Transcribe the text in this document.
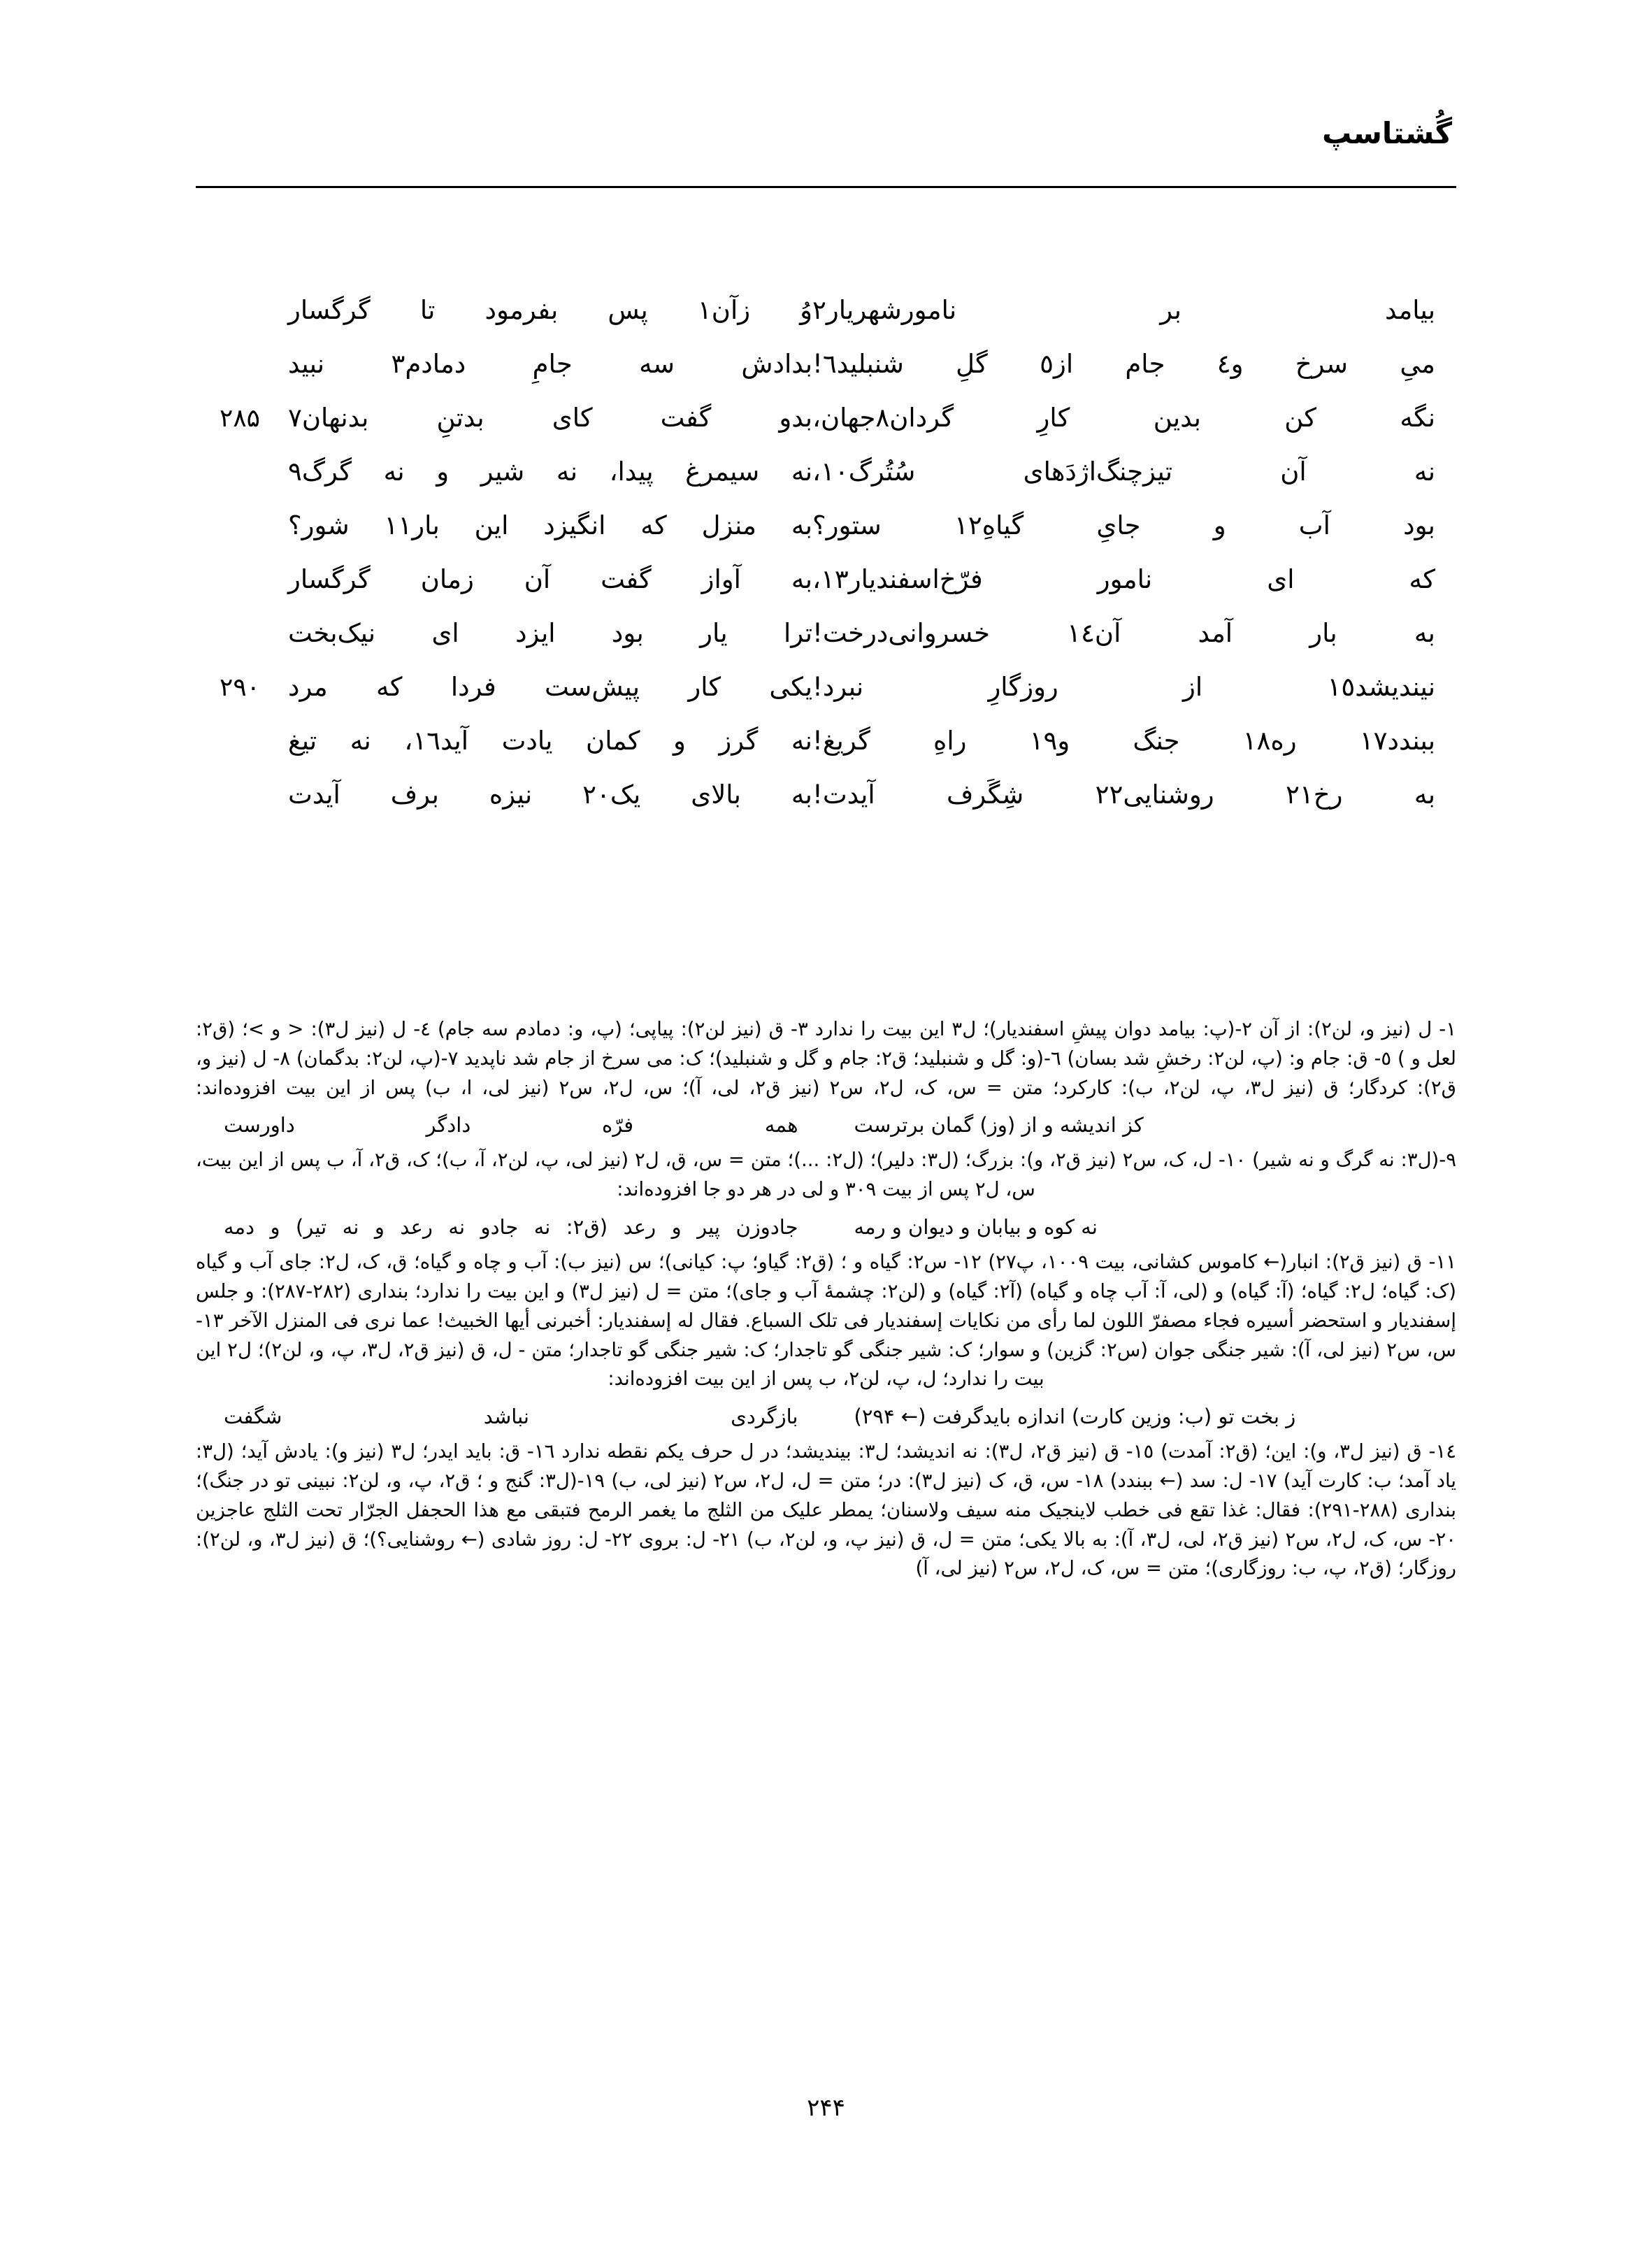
گُشتاسپ
بیامد بر نامورشهریار٢
وُ زآن١ پس بفرمود تا گرگسار
میِ سرخ و٤ جام از٥ گلِ شنبلید٦!
بدادش سه جامِ دمادم٣ نبید
نگه کن بدین کارِ گردان٨جهان،
بدو گفت کای بدتنِ بدنهان٧
۲۸۵
نه آن تیزچنگ‌اژدَهای سُتُرگ١٠،
نه سیمرغ پیدا، نه شیر و نه گرگ٩
بود آب و جایِ گیاهِ١٢ ستور؟
به منزل که انگیزد این بار١١ شور؟
که ای نامور فرّخ‌اسفندیار١٣،
به آواز گفت آن زمان گرگسار
به بار آمد آن١٤ خسروانی‌درخت!
ترا یار بود ایزد ای نیک‌بخت
نیندیشد١٥ از روزگارِ نبرد!
یکی کار پیش‌ست فردا که مرد
۲۹۰
ببندد١٧ ره١٨ جنگ و١٩ راهِ گریغ!
نه گرز و کمان یادت آید١٦، نه تیغ
به رخ٢١ روشنایی٢٢ شِگَرف آیدت!
به بالای یک٢٠ نیزه برف آیدت

١- ل (نیز و، لن٢): از آن ٢-(پ: بیامد دوان پیشِ اسفندیار)؛ ل٣ این بیت را ندارد ٣- ق (نیز لن٢): پیاپی؛ (پ، و: دمادم سه جام) ٤- ل (نیز ل٣): < و >؛ (ق٢: لعل و ) ٥- ق: جام و: (پ، لن٢: رخشِ شد بسان) ٦-(و: گل و شنبلید؛ ق٢: جام و گل و شنبلید)؛ ک: می سرخ از جام شد ناپدید ٧-(پ، لن٢: بدگمان) ٨- ل (نیز و، ق٢): کردگار؛ ق (نیز ل٣، پ، لن٢، ب): کارکرد؛ متن = س، ک، ل٢، س٢ (نیز ق٢، لی، آ)؛ س، ل٢، س٢ (نیز لی، ا، ب) پس از این بیت افزوده‌اند:

کز اندیشه و از (وز) گمان برترست
همه فرّه دادگر داورست

٩-(ل٣: نه گرگ و نه شیر) ١٠- ل، ک، س٢ (نیز ق٢، و): بزرگ؛ (ل٣: دلیر)؛ (ل٢: ...)؛ متن = س، ق، ل٢ (نیز لی، پ، لن٢، آ، ب)؛ ک، ق٢، آ، ب پس از این بیت، س، ل٢ پس از بیت ۳۰۹ و لی در هر دو جا افزوده‌اند:

نه کوه و بیابان و دیوان و رمه
جادوزن پیر و رعد (ق٢: نه جادو نه رعد و نه تیر) و دمه

١١- ق (نیز ق٢): انبار(← کاموس کشانی، بیت ۱۰۰۹، پ۲۷) ١٢- س٢: گیاه و ؛ (ق٢: گیاو؛ پ: کیانی)؛ س (نیز ب): آب و چاه و گیاه؛ ق، ک، ل٢: جای آب و گیاه (ک: گیاه؛ ل٢: گیاه؛ (آ: گیاه) و (لی، آ: آب چاه و گیاه) (آ٢: گیاه) و (لن٢: چشمهٔ آب و جای)؛ متن = ل (نیز ل٣) و این بیت را ندارد؛ بنداری (۲۸۲-۲۸۷): و جلس إسفندیار و استحضر أسیره فجاء مصفرّ اللون لما رأی من نکایات إسفندیار فی تلک السباع. فقال له إسفندیار: أخبرنی أیها الخبیث! عما نری فی المنزل الآخر ١٣- س، س٢ (نیز لی، آ): شیر جنگی جوان (س٢: گزین) و سوار؛ ک: شیر جنگی گو تاجدار؛ ک: شیر جنگی گو تاجدار؛ متن - ل، ق (نیز ق٢، ل٣، پ، و، لن٢)؛ ل٢ این بیت را ندارد؛ ل، پ، لن٢، ب پس از این بیت افزوده‌اند:

ز بخت تو (ب: وزین کارت) اندازه بایدگرفت (← ۲۹۴)
بازگردی نباشد شگفت

١٤- ق (نیز ل٣، و): این؛ (ق٢: آمدت) ١٥- ق (نیز ق٢، ل٣): نه اندیشد؛ ل٣: بیندیشد؛ در ل حرف یکم نقطه ندارد ١٦- ق: باید ایدر؛ ل٣ (نیز و): یادش آید؛ (ل٣: یاد آمد؛ ب: کارت آید) ١٧- ل: سد (← ببندد) ١٨- س، ق، ک (نیز ل٣): در؛ متن = ل، ل٢، س٢ (نیز لی، ب) ١٩-(ل٣: گنج و ؛ ق٢، پ، و، لن٢: نبینی تو در جنگ)؛ بنداری (۲۸۸-۲۹۱): فقال: غذا تقع فی خطب لاینجیک منه سیف ولاسنان؛ یمطر علیک من الثلج ما یغمر الرمح فتبقی مع هذا الحجفل الجرّار تحت الثلج عاجزین ٢٠- س، ک، ل٢، س٢ (نیز ق٢، لی، ل٣، آ): به بالا یکی؛ متن = ل، ق (نیز پ، و، لن٢، ب) ٢١- ل: بروی ٢٢- ل: روز شادی (← روشنایی؟)؛ ق (نیز ل٣، و، لن٢): روزگار؛ (ق٢، پ، ب: روزگاری)؛ متن = س، ک، ل٢، س٢ (نیز لی، آ)

۲۴۴
